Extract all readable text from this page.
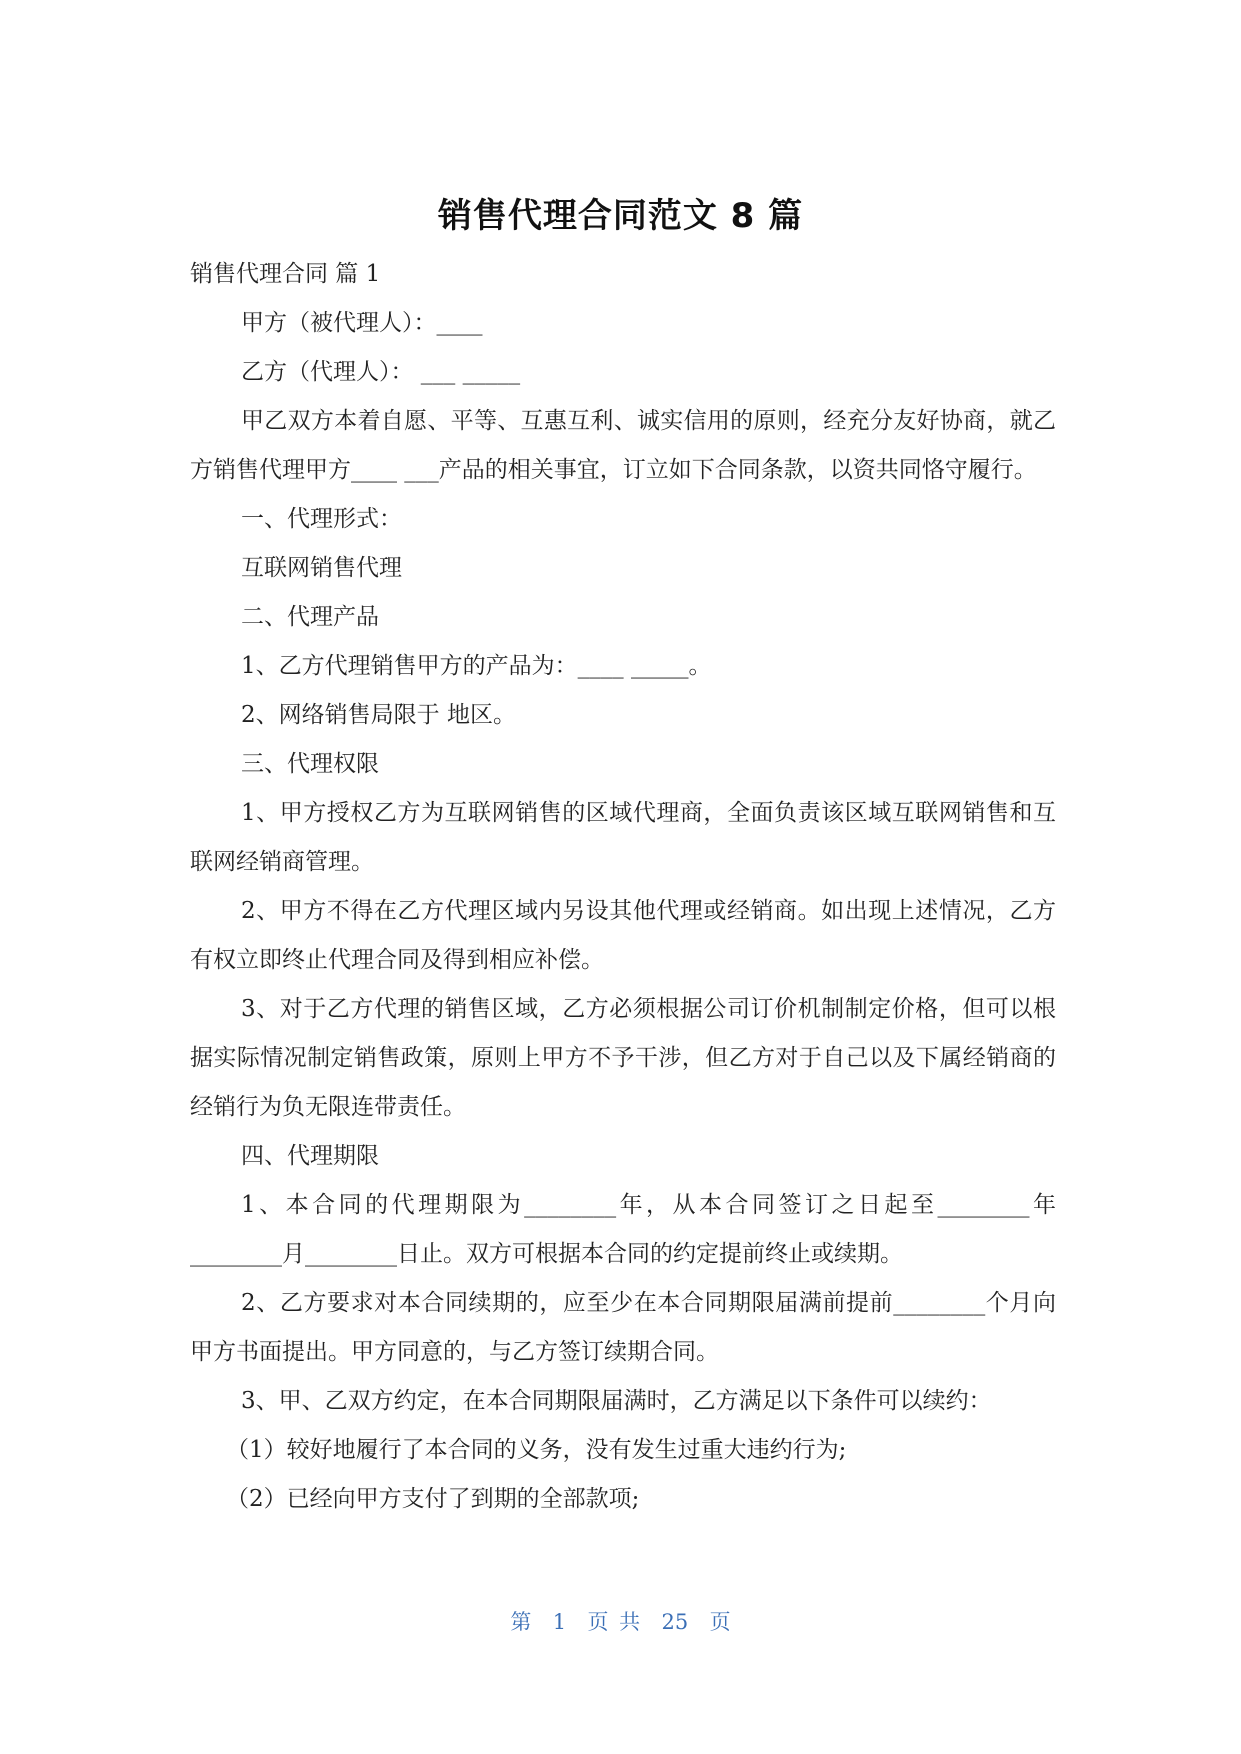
销售代理合同范文 8 篇

销售代理合同 篇 1

甲方（被代理人）：____

乙方（代理人）： ___ _____

甲乙双方本着自愿、平等、互惠互利、诚实信用的原则，经充分友好协商，就乙方销售代理甲方____ ___产品的相关事宜，订立如下合同条款，以资共同恪守履行。

一、代理形式：

互联网销售代理

二、代理产品

1、乙方代理销售甲方的产品为：____ _____。

2、网络销售局限于 地区。

三、代理权限

1、甲方授权乙方为互联网销售的区域代理商，全面负责该区域互联网销售和互联网经销商管理。

2、甲方不得在乙方代理区域内另设其他代理或经销商。如出现上述情况，乙方有权立即终止代理合同及得到相应补偿。

3、对于乙方代理的销售区域，乙方必须根据公司订价机制制定价格，但可以根据实际情况制定销售政策，原则上甲方不予干涉，但乙方对于自己以及下属经销商的经销行为负无限连带责任。

四、代理期限

1、本合同的代理期限为________年，从本合同签订之日起至________年________月________日止。双方可根据本合同的约定提前终止或续期。

2、乙方要求对本合同续期的，应至少在本合同期限届满前提前________个月向甲方书面提出。甲方同意的，与乙方签订续期合同。

3、甲、乙双方约定，在本合同期限届满时，乙方满足以下条件可以续约：

（1）较好地履行了本合同的义务，没有发生过重大违约行为;

（2）已经向甲方支付了到期的全部款项;

第  1  页 共  25  页
